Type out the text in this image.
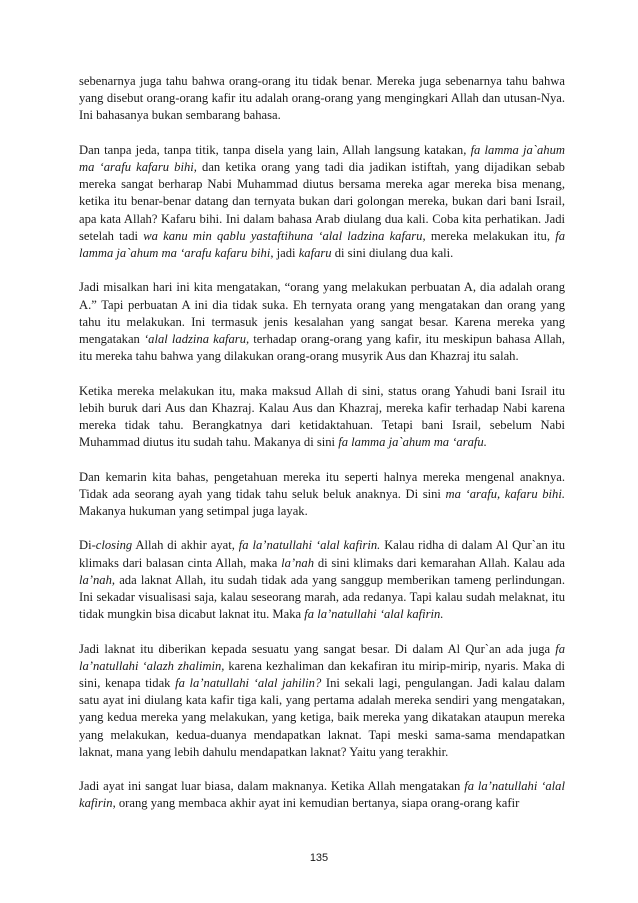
sebenarnya juga tahu bahwa orang-orang itu tidak benar. Mereka juga sebenarnya tahu bahwa yang disebut orang-orang kafir itu adalah orang-orang yang mengingkari Allah dan utusan-Nya. Ini bahasanya bukan sembarang bahasa.

Dan tanpa jeda, tanpa titik, tanpa disela yang lain, Allah langsung katakan, fa lamma ja`ahum ma ‘arafu kafaru bihi, dan ketika orang yang tadi dia jadikan istiftah, yang dijadikan sebab mereka sangat berharap Nabi Muhammad diutus bersama mereka agar mereka bisa menang, ketika itu benar-benar datang dan ternyata bukan dari golongan mereka, bukan dari bani Israil, apa kata Allah? Kafaru bihi. Ini dalam bahasa Arab diulang dua kali. Coba kita perhatikan. Jadi setelah tadi wa kanu min qablu yastaftihuna ‘alal ladzina kafaru, mereka melakukan itu, fa lamma ja`ahum ma ‘arafu kafaru bihi, jadi kafaru di sini diulang dua kali.

Jadi misalkan hari ini kita mengatakan, “orang yang melakukan perbuatan A, dia adalah orang A.” Tapi perbuatan A ini dia tidak suka. Eh ternyata orang yang mengatakan dan orang yang tahu itu melakukan. Ini termasuk jenis kesalahan yang sangat besar. Karena mereka yang mengatakan ‘alal ladzina kafaru, terhadap orang-orang yang kafir, itu meskipun bahasa Allah, itu mereka tahu bahwa yang dilakukan orang-orang musyrik Aus dan Khazraj itu salah.

Ketika mereka melakukan itu, maka maksud Allah di sini, status orang Yahudi bani Israil itu lebih buruk dari Aus dan Khazraj. Kalau Aus dan Khazraj, mereka kafir terhadap Nabi karena mereka tidak tahu. Berangkatnya dari ketidaktahuan. Tetapi bani Israil, sebelum Nabi Muhammad diutus itu sudah tahu. Makanya di sini fa lamma ja`ahum ma ‘arafu.

Dan kemarin kita bahas, pengetahuan mereka itu seperti halnya mereka mengenal anaknya. Tidak ada seorang ayah yang tidak tahu seluk beluk anaknya. Di sini ma ‘arafu, kafaru bihi. Makanya hukuman yang setimpal juga layak.

Di-closing Allah di akhir ayat, fa la’natullahi ‘alal kafirin. Kalau ridha di dalam Al Qur`an itu klimaks dari balasan cinta Allah, maka la’nah di sini klimaks dari kemarahan Allah. Kalau ada la’nah, ada laknat Allah, itu sudah tidak ada yang sanggup memberikan tameng perlindungan. Ini sekadar visualisasi saja, kalau seseorang marah, ada redanya. Tapi kalau sudah melaknat, itu tidak mungkin bisa dicabut laknat itu. Maka fa la’natullahi ‘alal kafirin.

Jadi laknat itu diberikan kepada sesuatu yang sangat besar. Di dalam Al Qur`an ada juga fa la’natullahi ‘alazh zhalimin, karena kezhaliman dan kekafiran itu mirip-mirip, nyaris. Maka di sini, kenapa tidak fa la’natullahi ‘alal jahilin? Ini sekali lagi, pengulangan. Jadi kalau dalam satu ayat ini diulang kata kafir tiga kali, yang pertama adalah mereka sendiri yang mengatakan, yang kedua mereka yang melakukan, yang ketiga, baik mereka yang dikatakan ataupun mereka yang melakukan, kedua-duanya mendapatkan laknat. Tapi meski sama-sama mendapatkan laknat, mana yang lebih dahulu mendapatkan laknat? Yaitu yang terakhir.

Jadi ayat ini sangat luar biasa, dalam maknanya. Ketika Allah mengatakan fa la’natullahi ‘alal kafirin, orang yang membaca akhir ayat ini kemudian bertanya, siapa orang-orang kafir

135
